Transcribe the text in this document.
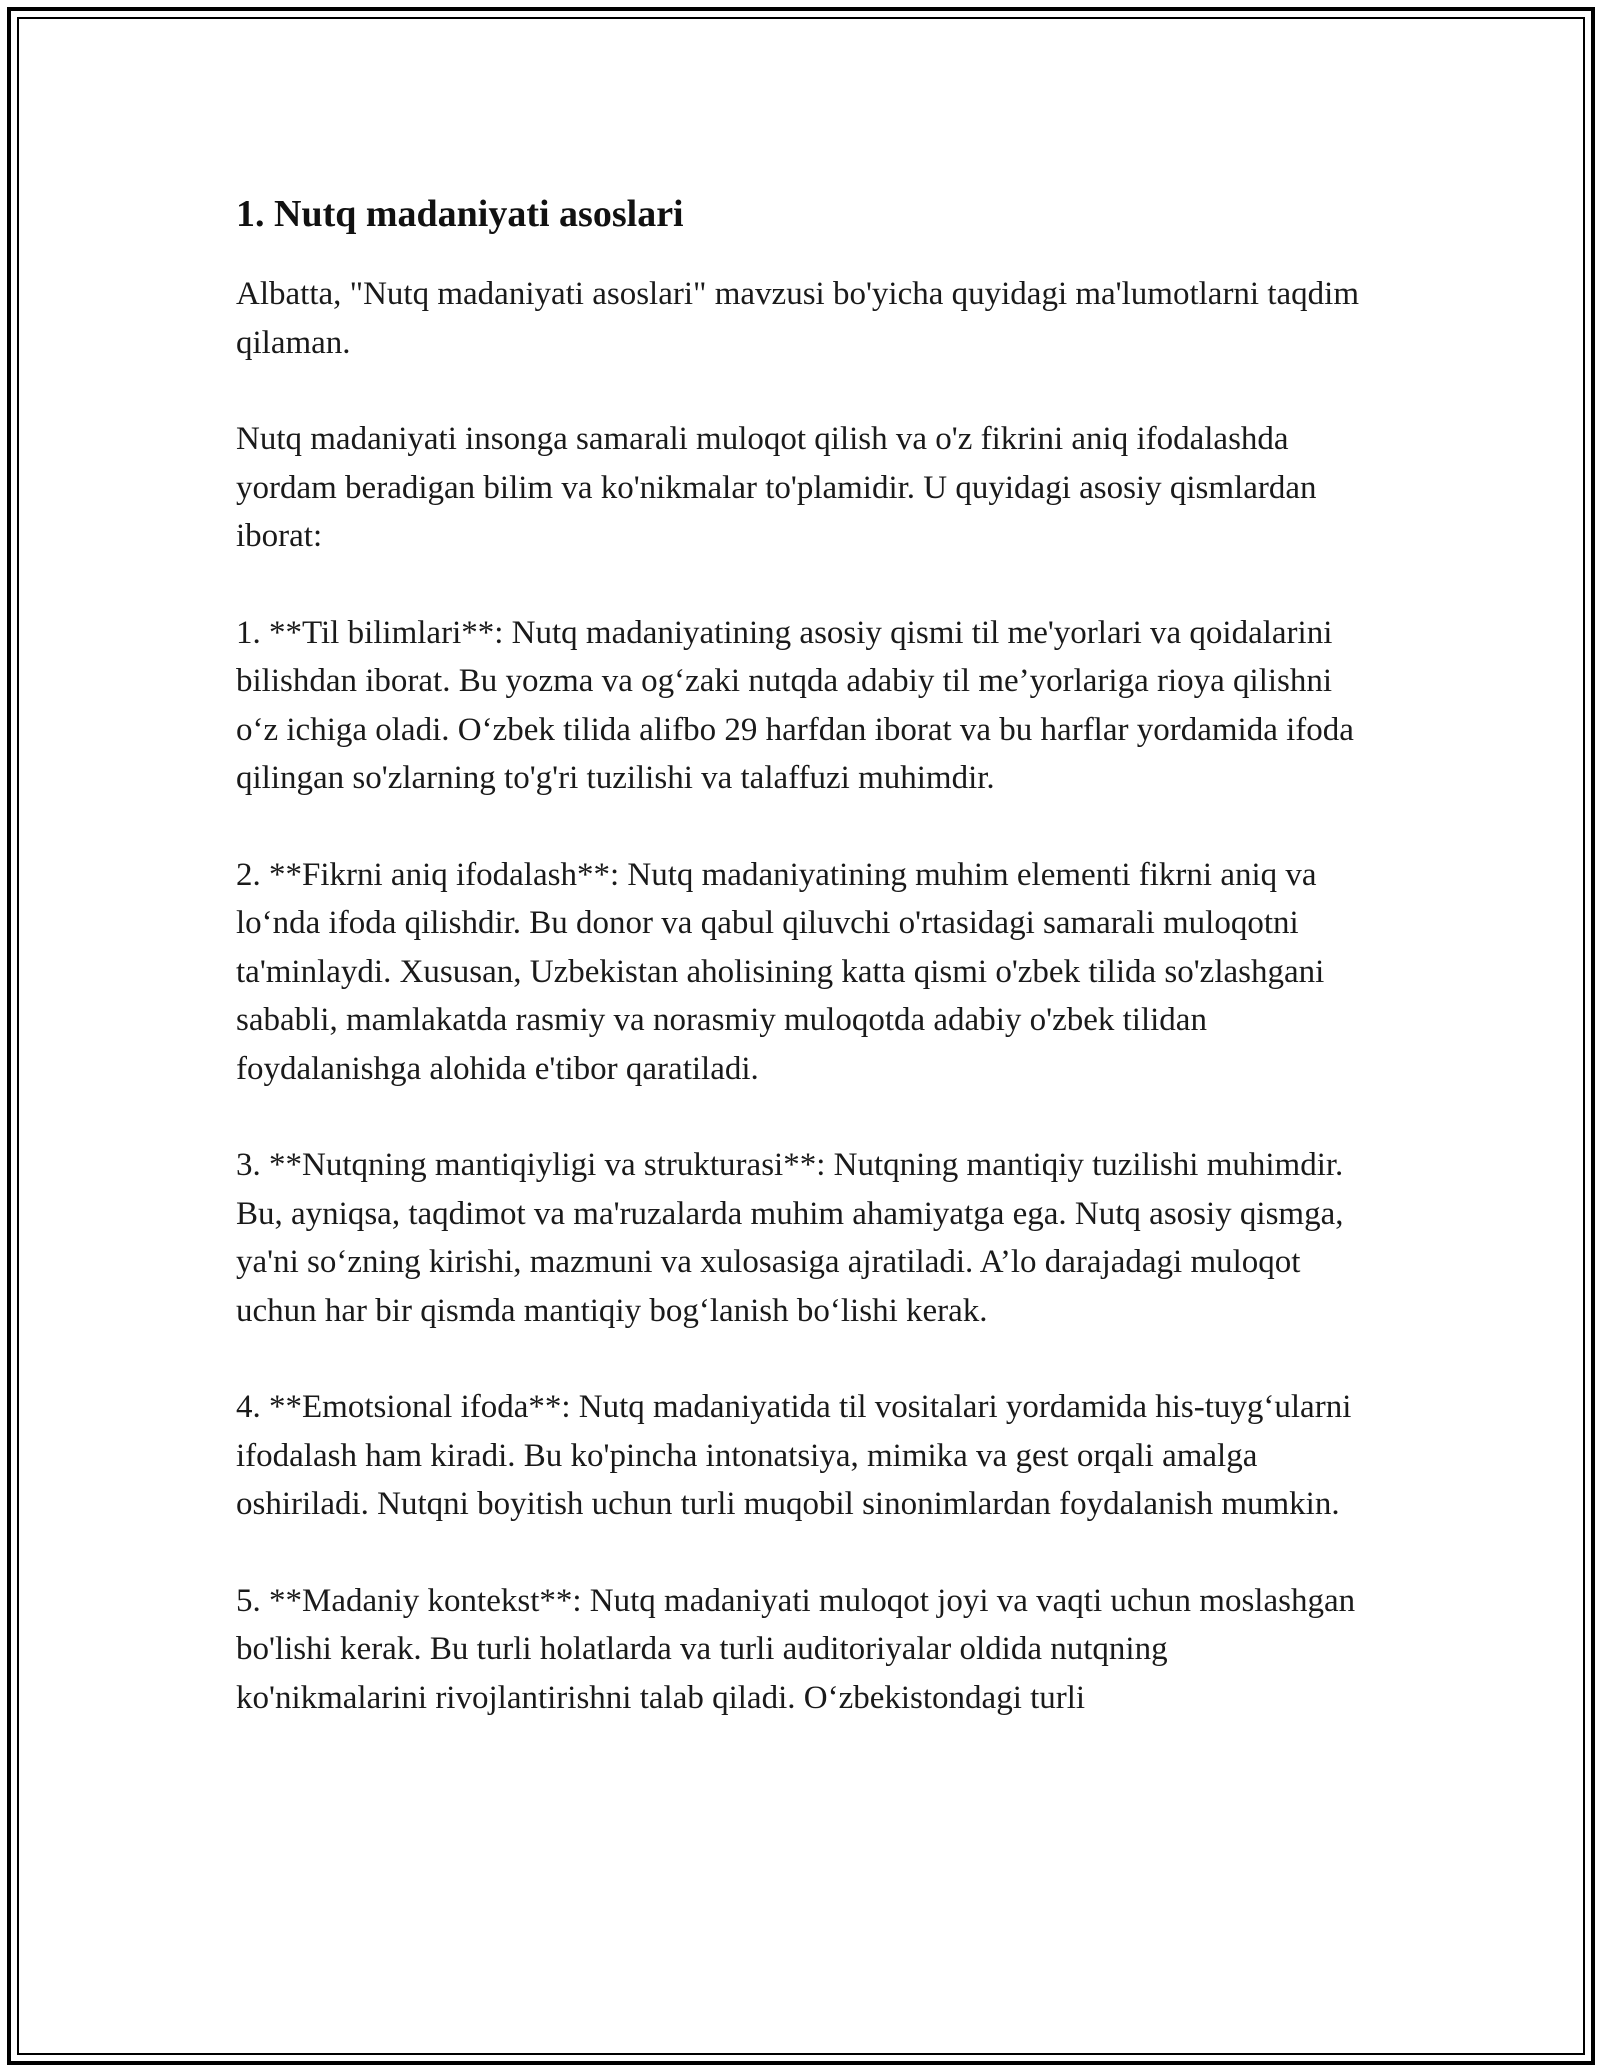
1. Nutq madaniyati asoslari

Albatta, "Nutq madaniyati asoslari" mavzusi bo'yicha quyidagi ma'lumotlarni taqdim qilaman.

Nutq madaniyati insonga samarali muloqot qilish va o'z fikrini aniq ifodalashda yordam beradigan bilim va ko'nikmalar to'plamidir. U quyidagi asosiy qismlardan iborat:

1. **Til bilimlari**: Nutq madaniyatining asosiy qismi til me'yorlari va qoidalarini bilishdan iborat. Bu yozma va og‘zaki nutqda adabiy til me’yorlariga rioya qilishni o‘z ichiga oladi. O‘zbek tilida alifbo 29 harfdan iborat va bu harflar yordamida ifoda qilingan so'zlarning to'g'ri tuzilishi va talaffuzi muhimdir.

2. **Fikrni aniq ifodalash**: Nutq madaniyatining muhim elementi fikrni aniq va lo‘nda ifoda qilishdir. Bu donor va qabul qiluvchi o'rtasidagi samarali muloqotni ta'minlaydi. Xususan, Uzbekistan aholisining katta qismi o'zbek tilida so'zlashgani sababli, mamlakatda rasmiy va norasmiy muloqotda adabiy o'zbek tilidan foydalanishga alohida e'tibor qaratiladi.

3. **Nutqning mantiqiyligi va strukturasi**: Nutqning mantiqiy tuzilishi muhimdir. Bu, ayniqsa, taqdimot va ma'ruzalarda muhim ahamiyatga ega. Nutq asosiy qismga, ya'ni so‘zning kirishi, mazmuni va xulosasiga ajratiladi. A’lo darajadagi muloqot uchun har bir qismda mantiqiy bog‘lanish bo‘lishi kerak.

4. **Emotsional ifoda**: Nutq madaniyatida til vositalari yordamida his-tuyg‘ularni ifodalash ham kiradi. Bu ko'pincha intonatsiya, mimika va gest orqali amalga oshiriladi. Nutqni boyitish uchun turli muqobil sinonimlardan foydalanish mumkin.

5. **Madaniy kontekst**: Nutq madaniyati muloqot joyi va vaqti uchun moslashgan bo'lishi kerak. Bu turli holatlarda va turli auditoriyalar oldida nutqning ko'nikmalarini rivojlantirishni talab qiladi. O‘zbekistondagi turli
